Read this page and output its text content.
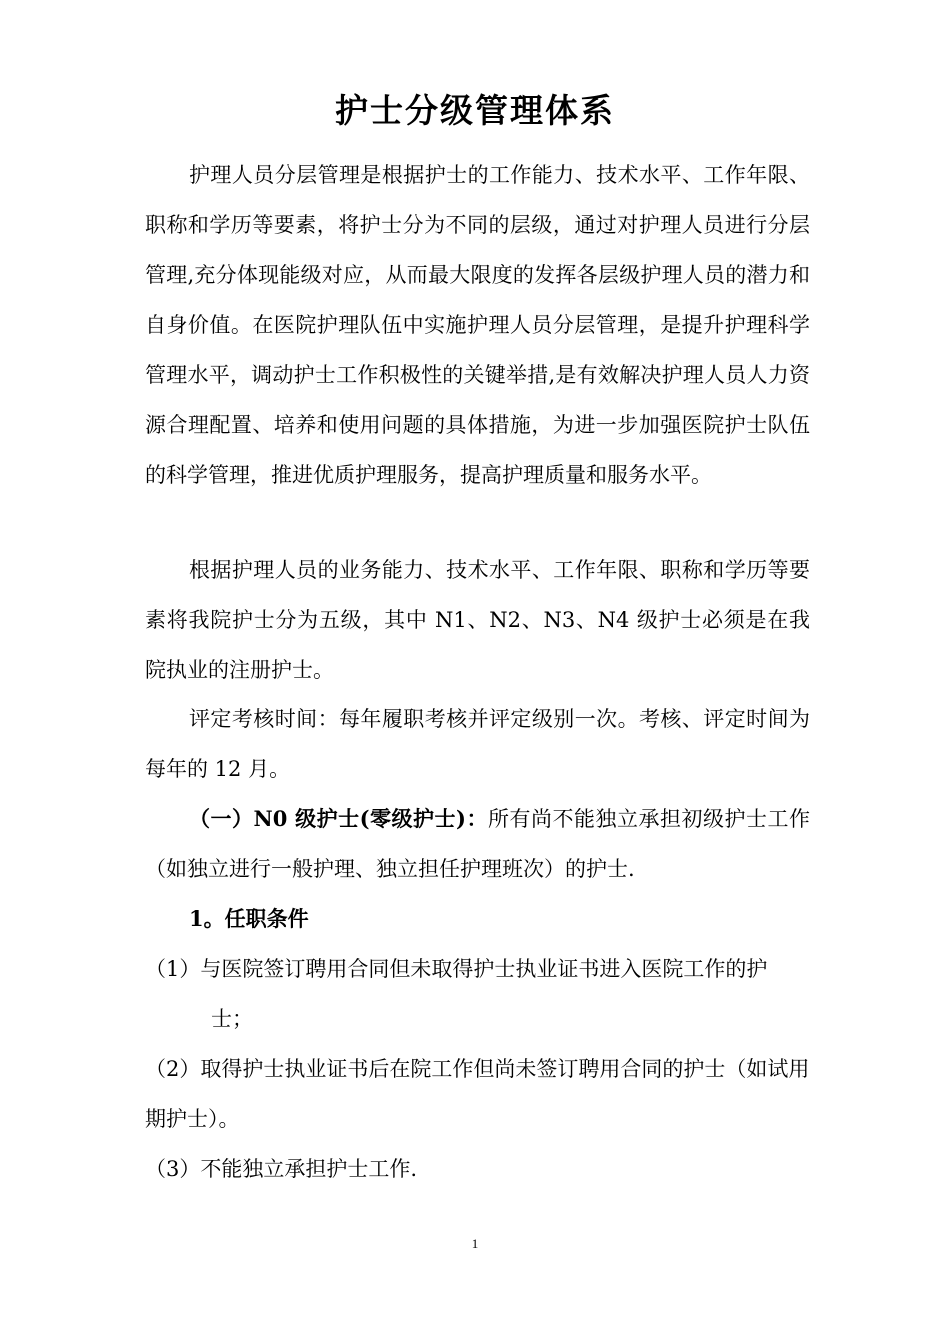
护士分级管理体系

护理人员分层管理是根据护士的工作能力、技术水平、工作年限、职称和学历等要素，将护士分为不同的层级，通过对护理人员进行分层管理,充分体现能级对应，从而最大限度的发挥各层级护理人员的潜力和自身价值。在医院护理队伍中实施护理人员分层管理，是提升护理科学管理水平，调动护士工作积极性的关键举措,是有效解决护理人员人力资源合理配置、培养和使用问题的具体措施，为进一步加强医院护士队伍的科学管理，推进优质护理服务，提高护理质量和服务水平。

根据护理人员的业务能力、技术水平、工作年限、职称和学历等要素将我院护士分为五级，其中 N1、N2、N3、N4 级护士必须是在我院执业的注册护士。

评定考核时间：每年履职考核并评定级别一次。考核、评定时间为每年的 12 月。

（一）N0 级护士(零级护士)：所有尚不能独立承担初级护士工作（如独立进行一般护理、独立担任护理班次）的护士.

1。任职条件

（1）与医院签订聘用合同但未取得护士执业证书进入医院工作的护
士；

（2）取得护士执业证书后在院工作但尚未签订聘用合同的护士（如试用期护士）。

（3）不能独立承担护士工作.

1
